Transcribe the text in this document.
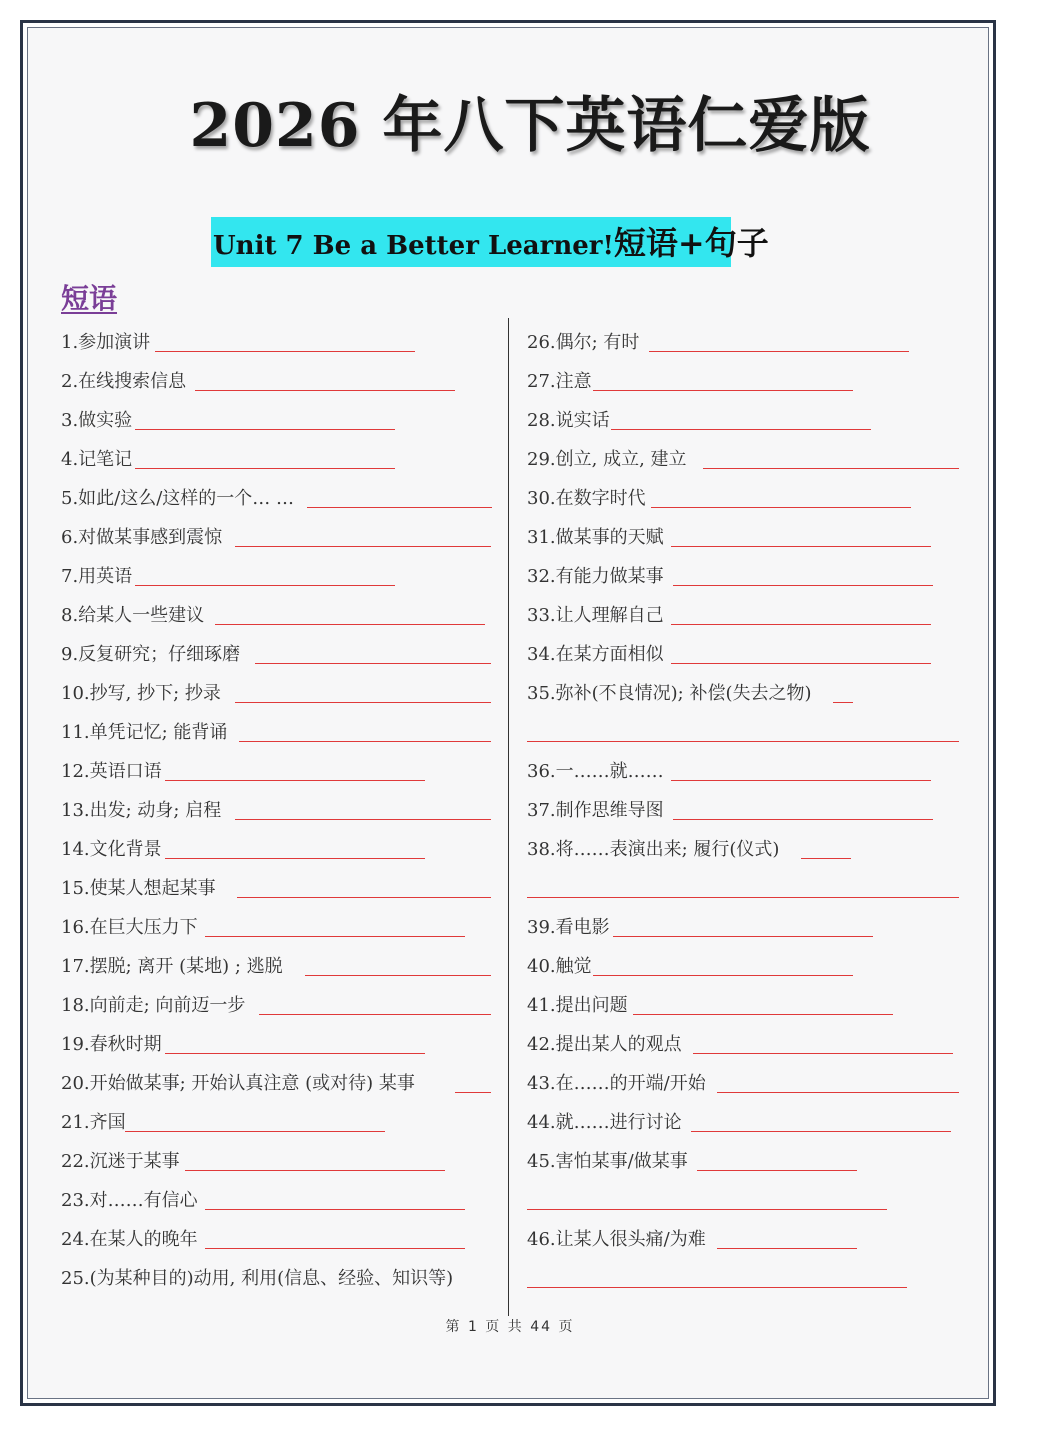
2026 年八下英语仁爱版
Unit 7 Be a Better Learner!短语+句子
短语
1.参加演讲
2.在线搜索信息
3.做实验
4.记笔记
5.如此/这么/这样的一个… …
6.对做某事感到震惊
7.用英语
8.给某人一些建议
9.反复研究；仔细琢磨
10.抄写, 抄下; 抄录
11.单凭记忆; 能背诵
12.英语口语
13.出发; 动身; 启程
14.文化背景
15.使某人想起某事
16.在巨大压力下
17.摆脱; 离开 (某地) ; 逃脱
18.向前走; 向前迈一步
19.春秋时期
20.开始做某事; 开始认真注意 (或对待) 某事
21.齐国
22.沉迷于某事
23.对……有信心
24.在某人的晚年
25.(为某种目的)动用, 利用(信息、经验、知识等)
26.偶尔; 有时
27.注意
28.说实话
29.创立, 成立, 建立
30.在数字时代
31.做某事的天赋
32.有能力做某事
33.让人理解自己
34.在某方面相似
35.弥补(不良情况); 补偿(失去之物)
36.一……就……
37.制作思维导图
38.将……表演出来; 履行(仪式)
39.看电影
40.触觉
41.提出问题
42.提出某人的观点
43.在……的开端/开始
44.就……进行讨论
45.害怕某事/做某事
46.让某人很头痛/为难
第 1 页 共 44 页
